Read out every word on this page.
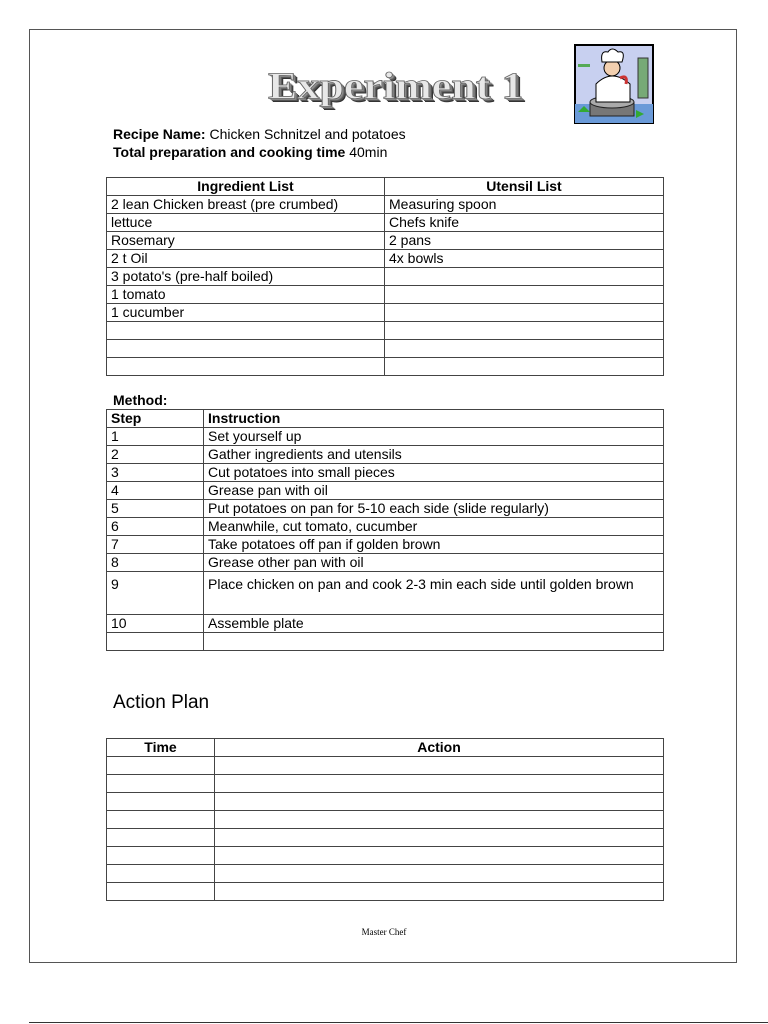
Experiment 1
Recipe Name: Chicken Schnitzel and potatoes
Total preparation and cooking time 40min
Ingredient List	Utensil List
2 lean Chicken breast (pre crumbed)	Measuring spoon
lettuce	Chefs knife
Rosemary	2 pans
2 t Oil	4x bowls
3 potato's (pre-half boiled)	
1 tomato	
1 cucumber	

Method:
Step	Instruction
1	Set yourself up
2	Gather ingredients and utensils
3	Cut potatoes into small pieces
4	Grease pan with oil
5	Put potatoes on pan for 5-10 each side (slide regularly)
6	Meanwhile, cut tomato, cucumber
7	Take potatoes off pan if golden brown
8	Grease other pan with oil
9	Place chicken on pan and cook 2-3 min each side until golden brown
10	Assemble plate

Action Plan
Time	Action

Master Chef
